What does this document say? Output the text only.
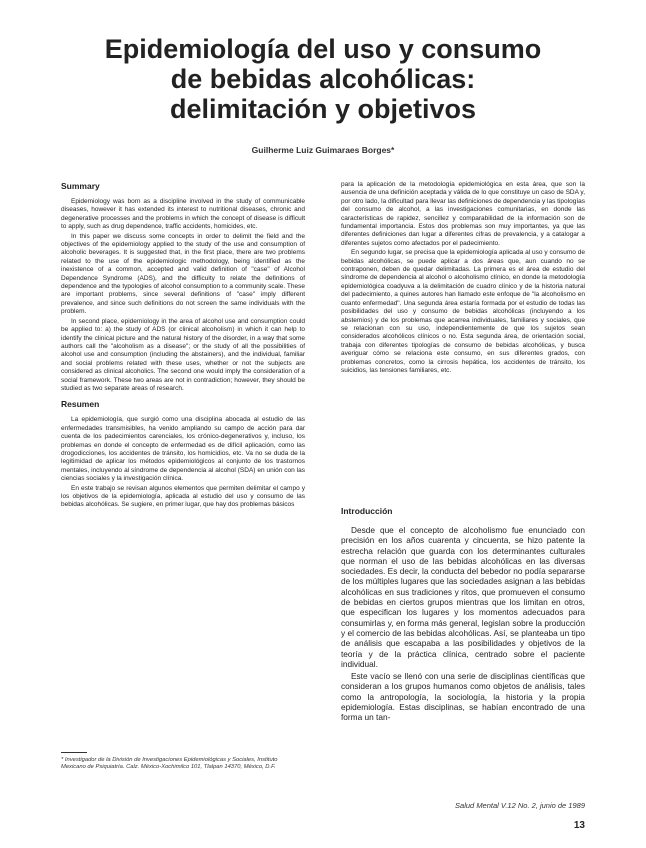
Epidemiología del uso y consumo
de bebidas alcohólicas:
delimitación y objetivos
Guilherme Luiz Guimaraes Borges*
Summary

Epidemiology was born as a discipline involved in the study of communicable diseases, however it has extended its interest to nutritional diseases, chronic and degenerative processes and the problems in which the concept of disease is difficult to apply, such as drug dependence, traffic accidents, homicides, etc.

In this paper we discuss some concepts in order to delimit the field and the objectives of the epidemiology applied to the study of the use and consumption of alcoholic beverages. It is suggested that, in the first place, there are two problems related to the use of the epidemiologic methodology, being identified as the inexistence of a common, accepted and valid definition of "case" of Alcohol Dependence Syndrome (ADS), and the difficulty to relate the definitions of dependence and the typologies of alcohol consumption to a community scale. These are important problems, since several definitions of "case" imply different prevalence, and since such definitions do not screen the same individuals with the problem.

In second place, epidemiology in the area of alcohol use and consumption could be applied to: a) the study of ADS (or clinical alcoholism) in which it can help to identify the clinical picture and the natural history of the disorder, in a way that some authors call the "alcoholism as a disease"; or the study of all the possibilities of alcohol use and consumption (including the abstainers), and the individual, familiar and social problems related with these uses, whether or not the subjects are considered as clinical alcoholics. The second one would imply the consideration of a social framework. These two areas are not in contradiction; however, they should be studied as two separate areas of research.

Resumen

La epidemiología, que surgió como una disciplina abocada al estudio de las enfermedades transmisibles, ha venido ampliando su campo de acción para dar cuenta de los padecimientos carenciales, los crónico-degenerativos y, incluso, los problemas en donde el concepto de enfermedad es de difícil aplicación, como las drogodicciones, los accidentes de tránsito, los homicidios, etc. Va no se duda de la legitimidad de aplicar los métodos epidemiológicos al conjunto de los trastornos mentales, incluyendo al síndrome de dependencia al alcohol (SDA) en unión con las ciencias sociales y la investigación clínica.

En este trabajo se revisan algunos elementos que permiten delimitar el campo y los objetivos de la epidemiología, aplicada al estudio del uso y consumo de las bebidas alcohólicas. Se sugiere, en primer lugar, que hay dos problemas básicos

para la aplicación de la metodología epidemiológica en esta área, que son la ausencia de una definición aceptada y válida de lo que constituye un caso de SDA y, por otro lado, la dificultad para llevar las definiciones de dependencia y las tipologías del consumo de alcohol, a las investigaciones comunitarias, en donde las características de rapidez, sencillez y comparabilidad de la información son de fundamental importancia. Estos dos problemas son muy importantes, ya que las diferentes definiciones dan lugar a diferentes cifras de prevalencia, y a catalogar a diferentes sujetos como afectados por el padecimiento.

En segundo lugar, se precisa que la epidemiología aplicada al uso y consumo de bebidas alcohólicas, se puede aplicar a dos áreas que, aun cuando no se contraponen, deben de quedar delimitadas. La primera es el área de estudio del síndrome de dependencia al alcohol o alcoholismo clínico, en donde la metodología epidemiológica coadyuva a la delimitación de cuadro clínico y de la historia natural del padecimiento, a quines autores han llamado este enfoque de "la alcoholismo en cuanto enfermedad". Una segunda área estaría formada por el estudio de todas las posibilidades del uso y consumo de bebidas alcohólicas (incluyendo a los abstemios) y de los problemas que acarrea individuales, familiares y sociales, que se relacionan con su uso, independientemente de que los sujetos sean considerados alcohólicos clínicos o no. Esta segunda área, de orientación social, trabaja con diferentes tipologías de consumo de bebidas alcohólicas, y busca averiguar cómo se relaciona este consumo, en sus diferentes grados, con problemas concretos, como la cirrosis hepática, los accidentes de tránsito, los suicidios, las tensiones familiares, etc.

Introducción

Desde que el concepto de alcoholismo fue enunciado con precisión en los años cuarenta y cincuenta, se hizo patente la estrecha relación que guarda con los determinantes culturales que norman el uso de las bebidas alcohólicas en las diversas sociedades. Es decir, la conducta del bebedor no podía separarse de los múltiples lugares que las sociedades asignan a las bebidas alcohólicas en sus tradiciones y ritos, que promueven el consumo de bebidas en ciertos grupos mientras que los limitan en otros, que especifican los lugares y los momentos adecuados para consumirlas y, en forma más general, legislan sobre la producción y el comercio de las bebidas alcohólicas. Así, se planteaba un tipo de análisis que escapaba a las posibilidades y objetivos de la teoría y de la práctica clínica, centrado sobre el paciente individual.

Este vacío se llenó con una serie de disciplinas científicas que consideran a los grupos humanos como objetos de análisis, tales como la antropología, la sociología, la historia y la propia epidemiología. Estas disciplinas, se habían encontrado de una forma un tan-

* Investigador de la División de Investigaciones Epidemiológicas y Sociales, Instituto Mexicano de Psiquiatría. Calz. México-Xochimilco 101, Tlalpan 14370, México, D.F.
Salud Mental V.12 No. 2, junio de 1989
13
